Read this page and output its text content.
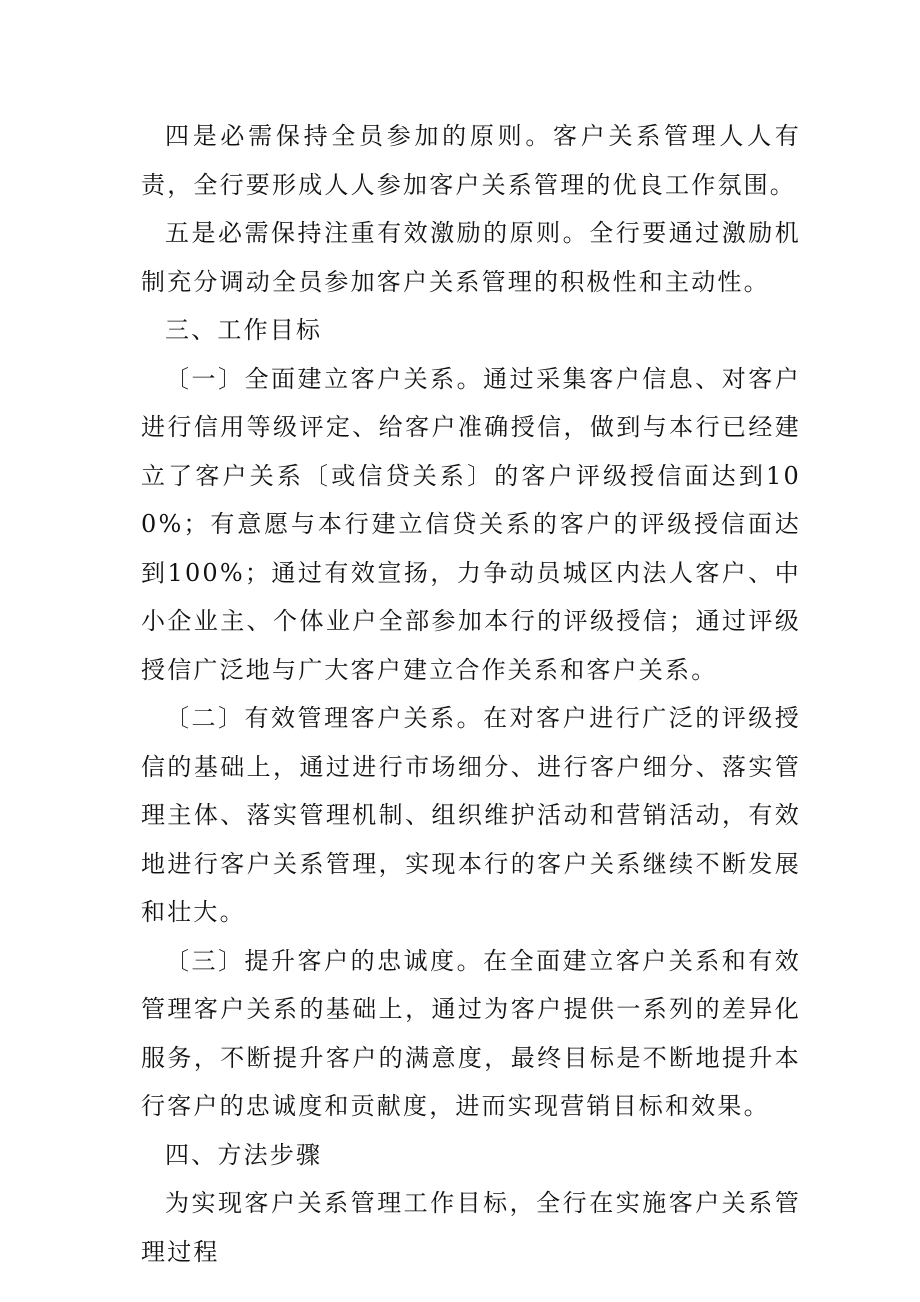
四是必需保持全员参加的原则。客户关系管理人人有责，全行要形成人人参加客户关系管理的优良工作氛围。

五是必需保持注重有效激励的原则。全行要通过激励机制充分调动全员参加客户关系管理的积极性和主动性。

三、工作目标

〔一〕全面建立客户关系。通过采集客户信息、对客户进行信用等级评定、给客户准确授信，做到与本行已经建立了客户关系〔或信贷关系〕的客户评级授信面达到100%；有意愿与本行建立信贷关系的客户的评级授信面达到100%；通过有效宣扬，力争动员城区内法人客户、中小企业主、个体业户全部参加本行的评级授信；通过评级授信广泛地与广大客户建立合作关系和客户关系。

〔二〕有效管理客户关系。在对客户进行广泛的评级授信的基础上，通过进行市场细分、进行客户细分、落实管理主体、落实管理机制、组织维护活动和营销活动，有效地进行客户关系管理，实现本行的客户关系继续不断发展和壮大。

〔三〕提升客户的忠诚度。在全面建立客户关系和有效管理客户关系的基础上，通过为客户提供一系列的差异化服务，不断提升客户的满意度，最终目标是不断地提升本行客户的忠诚度和贡献度，进而实现营销目标和效果。

四、方法步骤

为实现客户关系管理工作目标，全行在实施客户关系管理过程
